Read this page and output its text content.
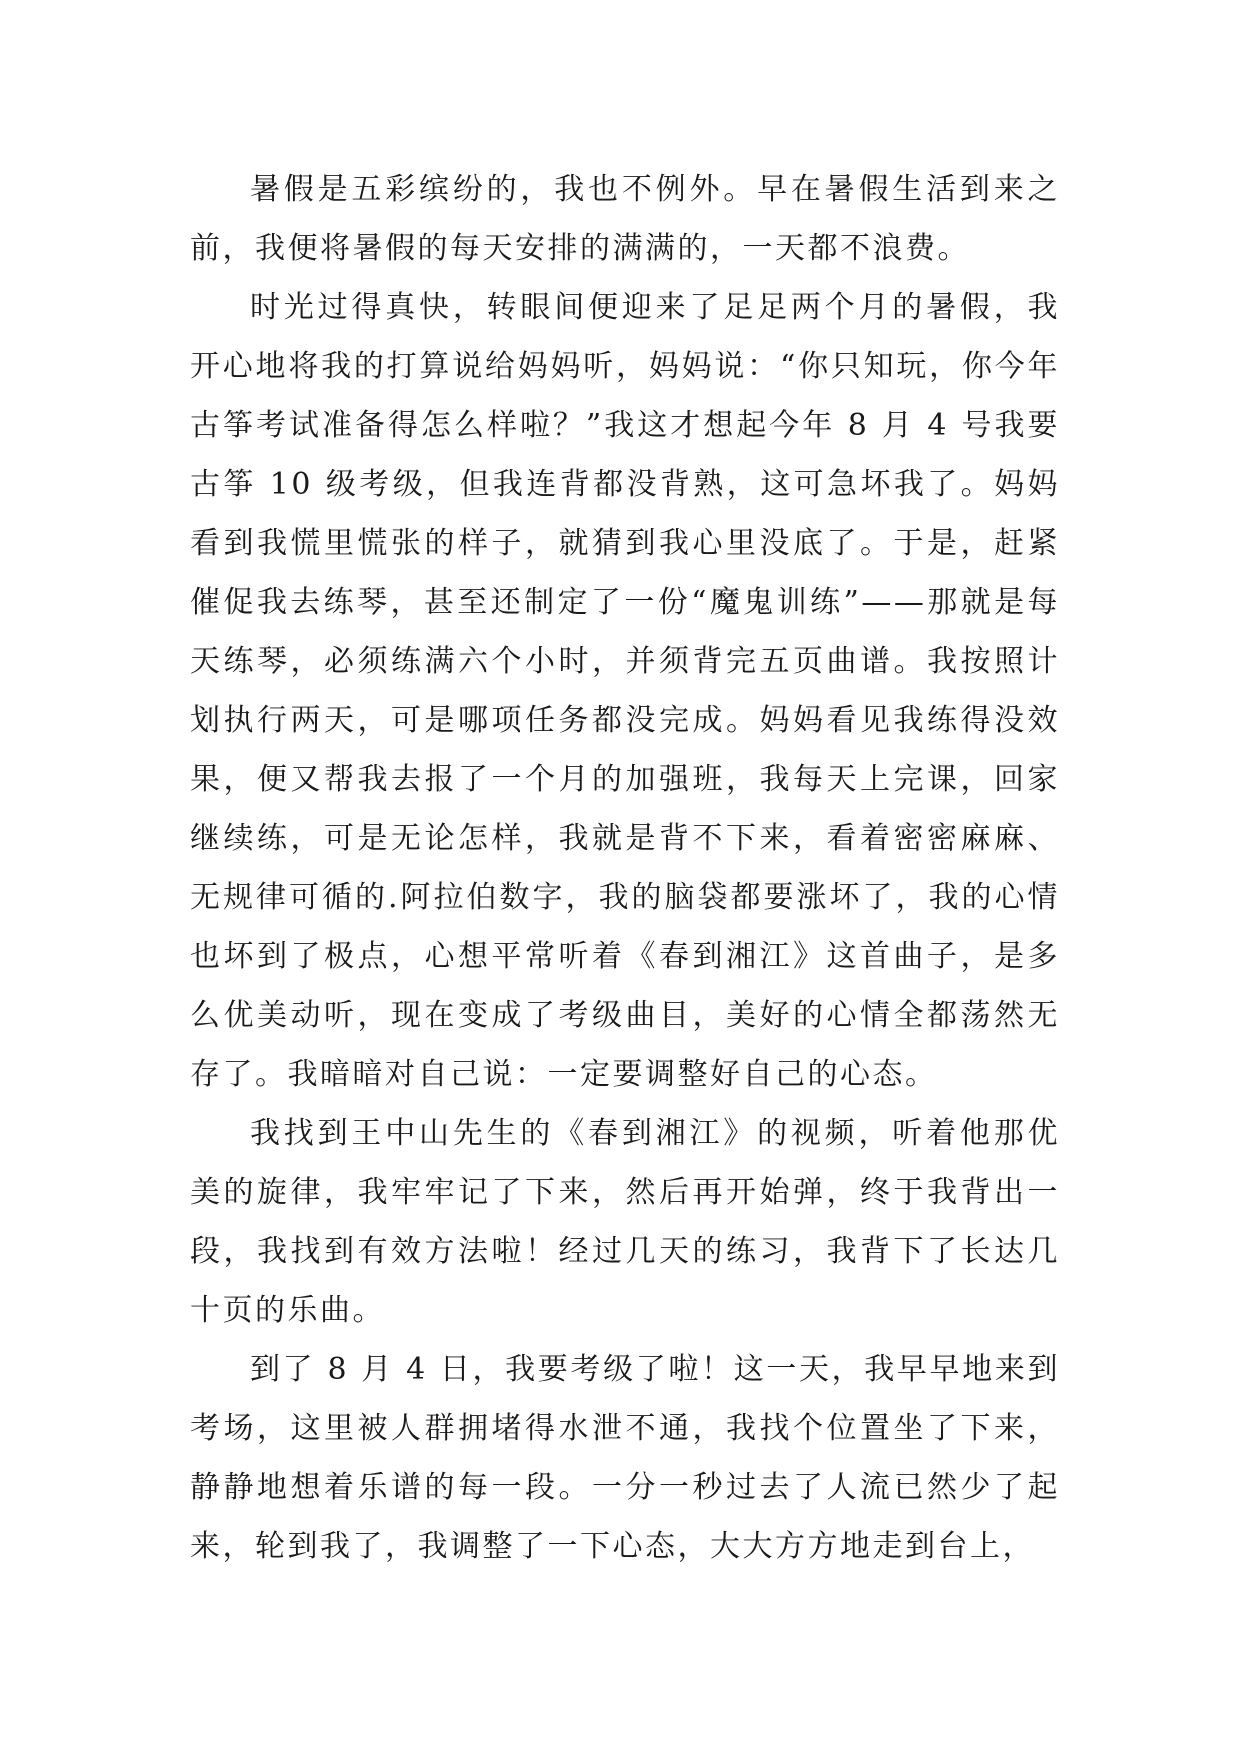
暑假是五彩缤纷的，我也不例外。早在暑假生活到来之前，我便将暑假的每天安排的满满的，一天都不浪费。

时光过得真快，转眼间便迎来了足足两个月的暑假，我开心地将我的打算说给妈妈听，妈妈说：“你只知玩，你今年古筝考试准备得怎么样啦？”我这才想起今年 8 月 4 号我要古筝 10 级考级，但我连背都没背熟，这可急坏我了。妈妈看到我慌里慌张的样子，就猜到我心里没底了。于是，赶紧催促我去练琴，甚至还制定了一份“魔鬼训练”——那就是每天练琴，必须练满六个小时，并须背完五页曲谱。我按照计划执行两天，可是哪项任务都没完成。妈妈看见我练得没效果，便又帮我去报了一个月的加强班，我每天上完课，回家继续练，可是无论怎样，我就是背不下来，看着密密麻麻、无规律可循的.阿拉伯数字，我的脑袋都要涨坏了，我的心情也坏到了极点，心想平常听着《春到湘江》这首曲子，是多么优美动听，现在变成了考级曲目，美好的心情全都荡然无存了。我暗暗对自己说：一定要调整好自己的心态。

我找到王中山先生的《春到湘江》的视频，听着他那优美的旋律，我牢牢记了下来，然后再开始弹，终于我背出一段，我找到有效方法啦！经过几天的练习，我背下了长达几十页的乐曲。

到了 8 月 4 日，我要考级了啦！这一天，我早早地来到考场，这里被人群拥堵得水泄不通，我找个位置坐了下来，静静地想着乐谱的每一段。一分一秒过去了人流已然少了起来，轮到我了，我调整了一下心态，大大方方地走到台上，
